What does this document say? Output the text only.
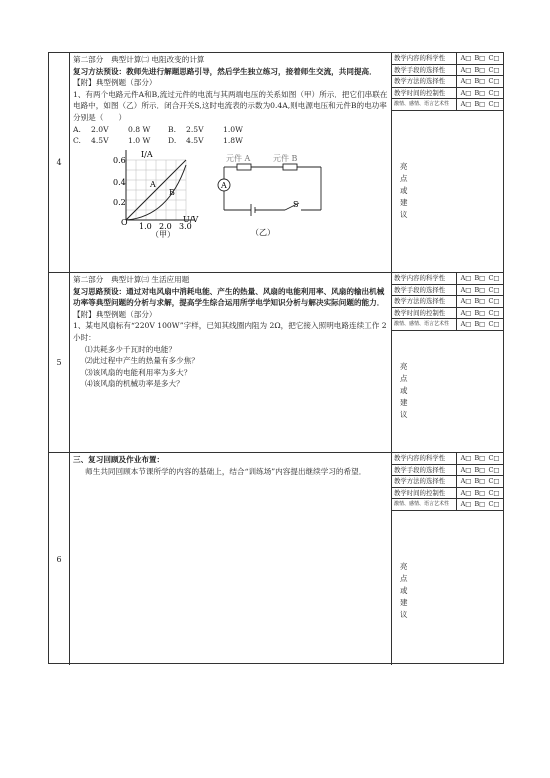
4

第二部分　典型计算㈡ 电阻改变的计算

复习方法预设：教师先进行解题思路引导，然后学生独立练习，接着师生交流，共同提高．

【附】典型例题（部分）

1、有两个电路元件A和B,流过元件的电流与其两端电压的关系如图（甲）所示．把它们串联在电路中，如图（乙）所示．闭合开关S,这时电流表的示数为0.4A,则电源电压和元件B的电功率分别是（　　）

A.	2.0V	0.8 W	B.	2.5V	1.0W
C.	4.5V	1.0 W	D.	4.5V	1.8W
I/A
U/V
O
0.6
0.4
0.2
1.0 2.0 3.0
（甲）
A
B
元件 A	元件 B
A
S
（乙）
教学内容的科学性	A□ B□ C□
教学手段的选择性	A□ B□ C□
教学方法的选择性	A□ B□ C□
教学时间的控制性	A□ B□ C□
激情、感情、语言艺术性	A□ B□ C□
亮
点
或
建
议
5

第二部分　典型计算㈢ 生活应用题

复习思路预设：通过对电风扇中消耗电能、产生的热量、风扇的电能利用率、风扇的输出机械功率等典型问题的分析与求解，提高学生综合运用所学电学知识分析与解决实际问题的能力．

【附】典型例题（部分）

1、某电风扇标有“220V 100W”字样，已知其线圈内阻为 2Ω，把它接入照明电路连续工作 2 小时：

⑴共耗多少千瓦时的电能？

⑵此过程中产生的热量有多少焦？

⑶该风扇的电能利用率为多大？

⑷该风扇的机械功率是多大？

教学内容的科学性	A□ B□ C□
教学手段的选择性	A□ B□ C□
教学方法的选择性	A□ B□ C□
教学时间的控制性	A□ B□ C□
激情、感情、语言艺术性	A□ B□ C□
亮
点
或
建
议
6

三、复习回顾及作业布置：

师生共同回顾本节课所学的内容的基础上，结合“训练场”内容提出继续学习的希望．

教学内容的科学性	A□ B□ C□
教学手段的选择性	A□ B□ C□
教学方法的选择性	A□ B□ C□
教学时间的控制性	A□ B□ C□
激情、感情、语言艺术性	A□ B□ C□
亮
点
或
建
议
